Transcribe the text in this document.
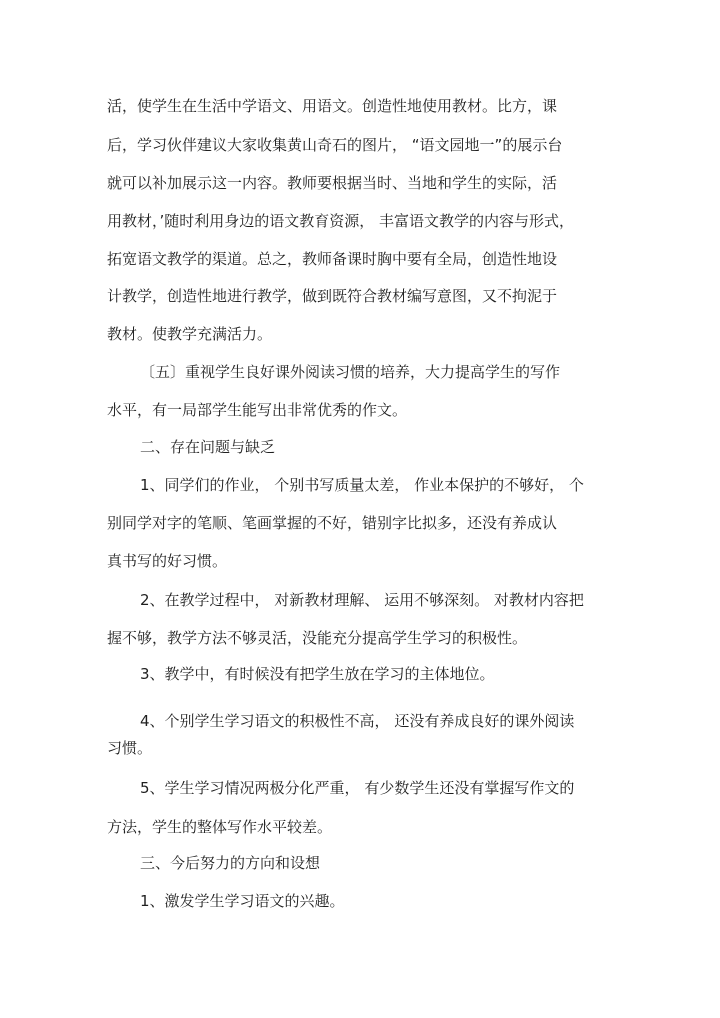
活，使学生在生活中学语文、用语文。创造性地使用教材。比方，课
后，学习伙伴建议大家收集黄山奇石的图片， “语文园地一”的展示台
就可以补加展示这一内容。教师要根据当时、当地和学生的实际，活
用教材，’随时利用身边的语文教育资源， 丰富语文教学的内容与形式，
拓宽语文教学的渠道。总之，教师备课时胸中要有全局，创造性地设
计教学，创造性地进行教学，做到既符合教材编写意图，又不拘泥于
教材。使教学充满活力。
〔五〕重视学生良好课外阅读习惯的培养，大力提高学生的写作
水平，有一局部学生能写出非常优秀的作文。
二、存在问题与缺乏
1、同学们的作业， 个别书写质量太差， 作业本保护的不够好， 个
别同学对字的笔顺、笔画掌握的不好，错别字比拟多，还没有养成认
真书写的好习惯。
2、在教学过程中， 对新教材理解、 运用不够深刻。 对教材内容把
握不够，教学方法不够灵活，没能充分提高学生学习的积极性。
3、教学中，有时候没有把学生放在学习的主体地位。
4、个别学生学习语文的积极性不高， 还没有养成良好的课外阅读
习惯。
5、学生学习情况两极分化严重， 有少数学生还没有掌握写作文的
方法，学生的整体写作水平较差。
三、今后努力的方向和设想
1、激发学生学习语文的兴趣。
